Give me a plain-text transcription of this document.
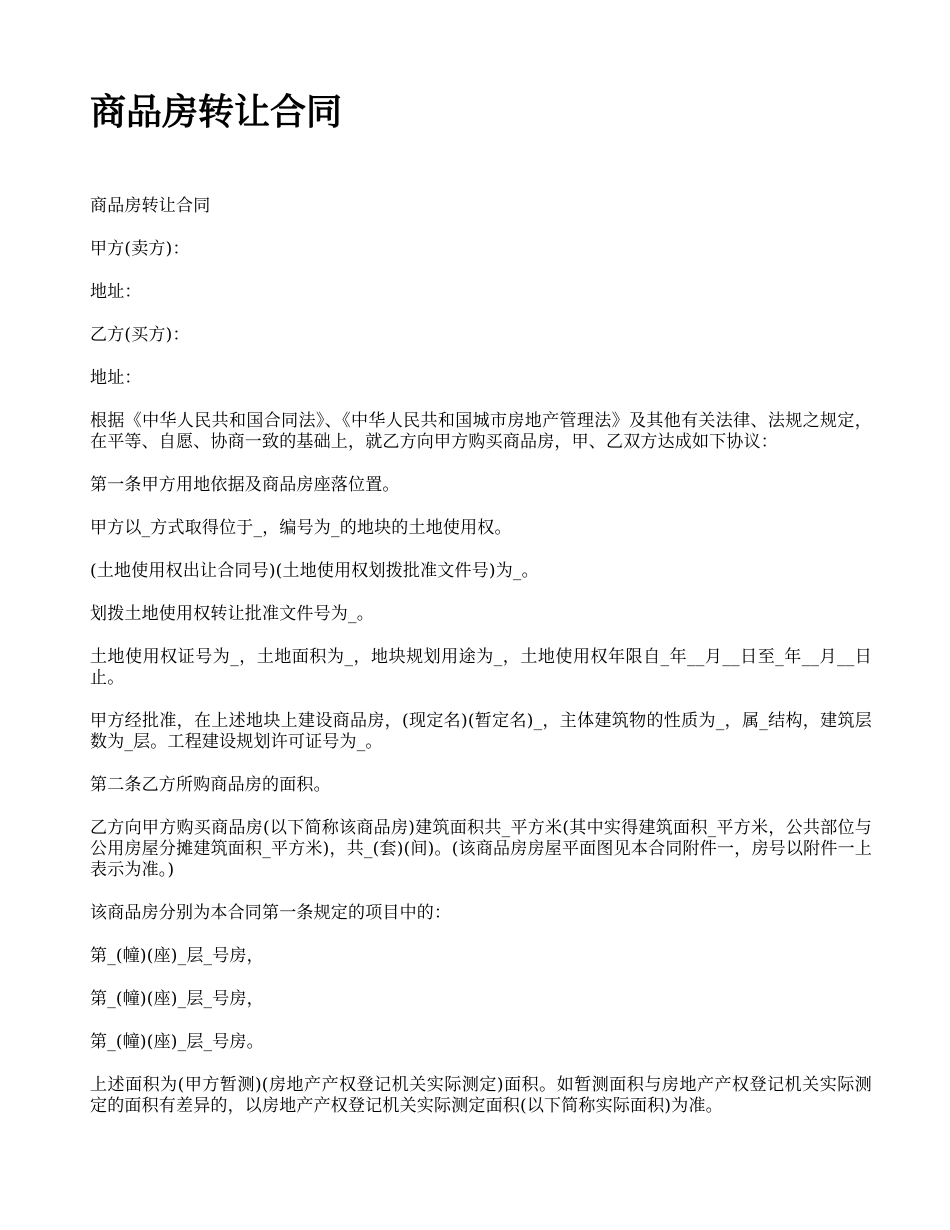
商品房转让合同

商品房转让合同

甲方(卖方)：

地址：

乙方(买方)：

地址：

根据《中华人民共和国合同法》、《中华人民共和国城市房地产管理法》及其他有关法律、法规之规定，在平等、自愿、协商一致的基础上，就乙方向甲方购买商品房，甲、乙双方达成如下协议：

第一条甲方用地依据及商品房座落位置。

甲方以_方式取得位于_，编号为_的地块的土地使用权。

(土地使用权出让合同号)(土地使用权划拨批准文件号)为_。

划拨土地使用权转让批准文件号为_。

土地使用权证号为_，土地面积为_，地块规划用途为_，土地使用权年限自_年__月__日至_年__月__日止。

甲方经批准，在上述地块上建设商品房，(现定名)(暂定名)_，主体建筑物的性质为_，属_结构，建筑层数为_层。工程建设规划许可证号为_。

第二条乙方所购商品房的面积。

乙方向甲方购买商品房(以下简称该商品房)建筑面积共_平方米(其中实得建筑面积_平方米，公共部位与公用房屋分摊建筑面积_平方米)，共_(套)(间)。(该商品房房屋平面图见本合同附件一，房号以附件一上表示为准。)

该商品房分别为本合同第一条规定的项目中的：

第_(幢)(座)_层_号房，

第_(幢)(座)_层_号房，

第_(幢)(座)_层_号房。

上述面积为(甲方暂测)(房地产产权登记机关实际测定)面积。如暂测面积与房地产产权登记机关实际测定的面积有差异的，以房地产产权登记机关实际测定面积(以下简称实际面积)为准。
